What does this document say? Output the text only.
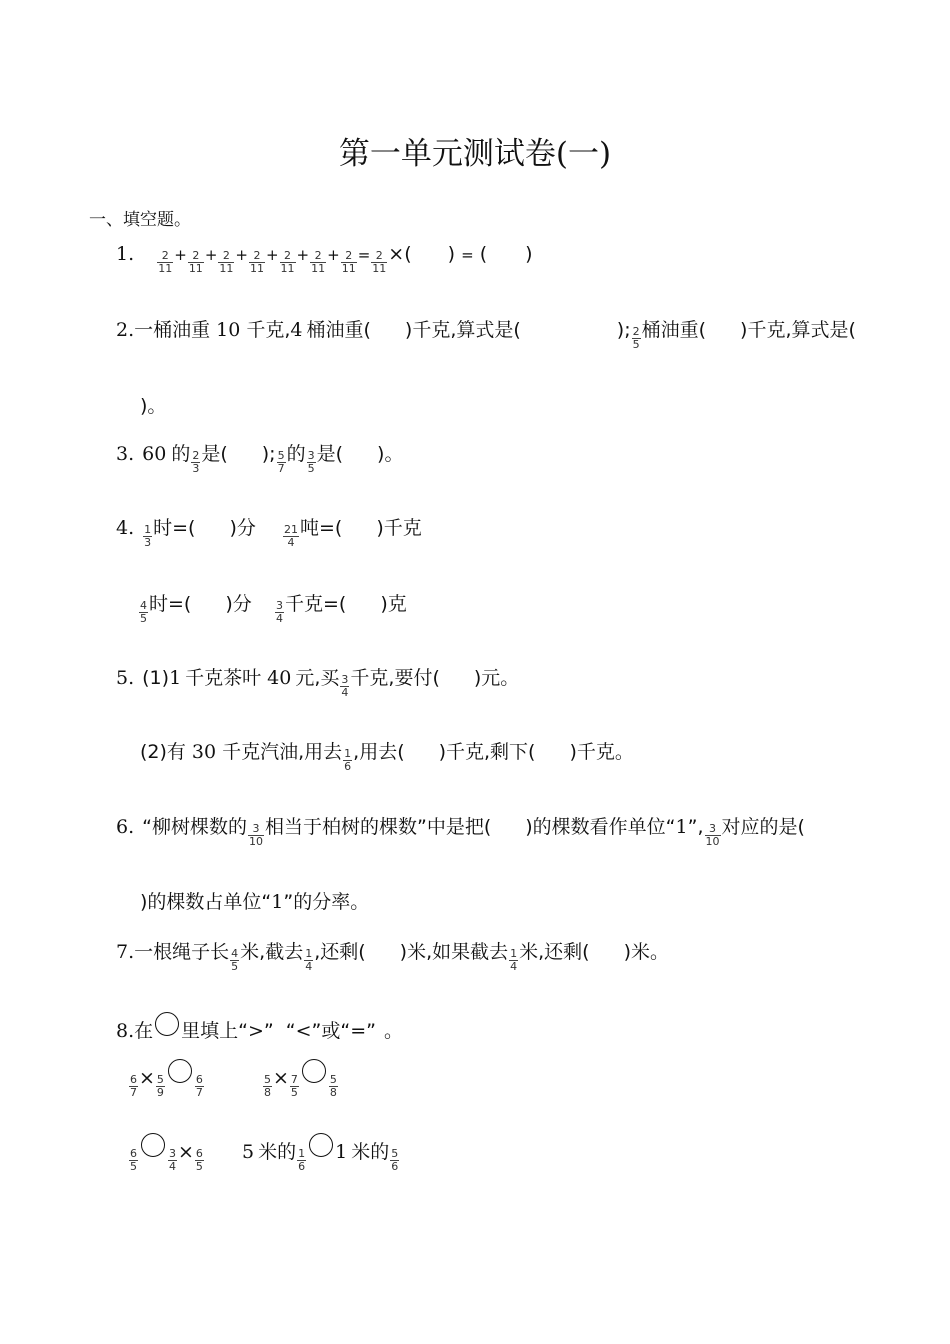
第一单元测试卷(一)
一、填空题。
1. $\frac{2}{11} + \frac{2}{11} + \frac{2}{11} + \frac{2}{11} + \frac{2}{11} + \frac{2}{11} + \frac{2}{11} = \frac{2}{11}$ ×( ) = ( )
2.一桶油重 10 千克,4 桶油重( )千克,算式是(	); $\frac{2}{5}$ 桶油重( )千克,算式是(
)。
3. 60 的 $\frac{2}{3}$ 是( ); $\frac{5}{7}$ 的 $\frac{3}{5}$ 是( )。
4. $\frac{1}{3}$ 时=( )分 $\frac{21}{4}$ 吨=( )千克
$\frac{4}{5}$ 时=( )分 $\frac{3}{4}$ 千克=( )克
5. (1)1 千克茶叶 40 元,买 $\frac{3}{4}$ 千克,要付( )元。
(2)有 30 千克汽油,用去 $\frac{1}{6}$ ,用去( )千克,剩下( )千克。
6. “柳树棵数的 $\frac{3}{10}$ 相当于柏树的棵数”中是把( )的棵数看作单位“1”, $\frac{3}{10}$ 对应的是(
)的棵数占单位“1”的分率。
7.一根绳子长 $\frac{4}{5}$ 米,截去 $\frac{1}{4}$ ,还剩( )米,如果截去 $\frac{1}{4}$ 米,还剩( )米。
8.在 里填上“>” “<”或“=” 。
$\frac{6}{7} \times \frac{5}{9}$	$\frac{6}{7}$	$\frac{5}{8} \times \frac{7}{5}$	$\frac{5}{8}$
$\frac{6}{5}$	$\frac{3}{4} \times \frac{6}{5} 5$ 米的 $\frac{1}{6} 1$ 米的 $\frac{5}{6}$
